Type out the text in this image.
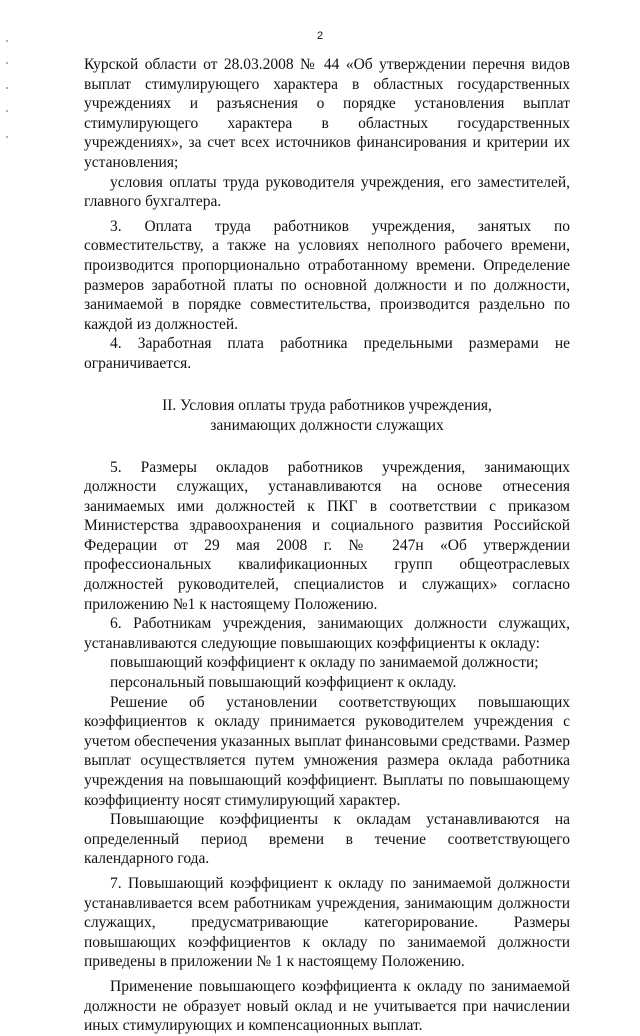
2

Курской области от 28.03.2008 № 44 «Об утверждении перечня видов выплат стимулирующего характера в областных государственных учреждениях и разъяснения о порядке установления выплат стимулирующего характера в областных государственных учреждениях», за счет всех источников финансирования и критерии их установления;

условия оплаты труда руководителя учреждения, его заместителей, главного бухгалтера.

3. Оплата труда работников учреждения, занятых по совместительству, а также на условиях неполного рабочего времени, производится пропорционально отработанному времени. Определение размеров заработной платы по основной должности и по должности, занимаемой в порядке совместительства, производится раздельно по каждой из должностей.

4. Заработная плата работника предельными размерами не ограничивается.

II. Условия оплаты труда работников учреждения,
занимающих должности служащих

5. Размеры окладов работников учреждения, занимающих должности служащих, устанавливаются на основе отнесения занимаемых ими должностей к ПКГ в соответствии с приказом Министерства здравоохранения и социального развития Российской Федерации от 29 мая 2008 г. № 247н «Об утверждении профессиональных квалификационных групп общеотраслевых должностей руководителей, специалистов и служащих» согласно приложению №1 к настоящему Положению.

6. Работникам учреждения, занимающих должности служащих, устанавливаются следующие повышающих коэффициенты к окладу:

повышающий коэффициент к окладу по занимаемой должности;

персональный повышающий коэффициент к окладу.

Решение об установлении соответствующих повышающих коэффициентов к окладу принимается руководителем учреждения с учетом обеспечения указанных выплат финансовыми средствами. Размер выплат осуществляется путем умножения размера оклада работника учреждения на повышающий коэффициент. Выплаты по повышающему коэффициенту носят стимулирующий характер.

Повышающие коэффициенты к окладам устанавливаются на определенный период времени в течение соответствующего календарного года.

7. Повышающий коэффициент к окладу по занимаемой должности устанавливается всем работникам учреждения, занимающим должности служащих, предусматривающие категорирование. Размеры повышающих коэффициентов к окладу по занимаемой должности приведены в приложении № 1 к настоящему Положению.

Применение повышающего коэффициента к окладу по занимаемой должности не образует новый оклад и не учитывается при начислении иных стимулирующих и компенсационных выплат.
